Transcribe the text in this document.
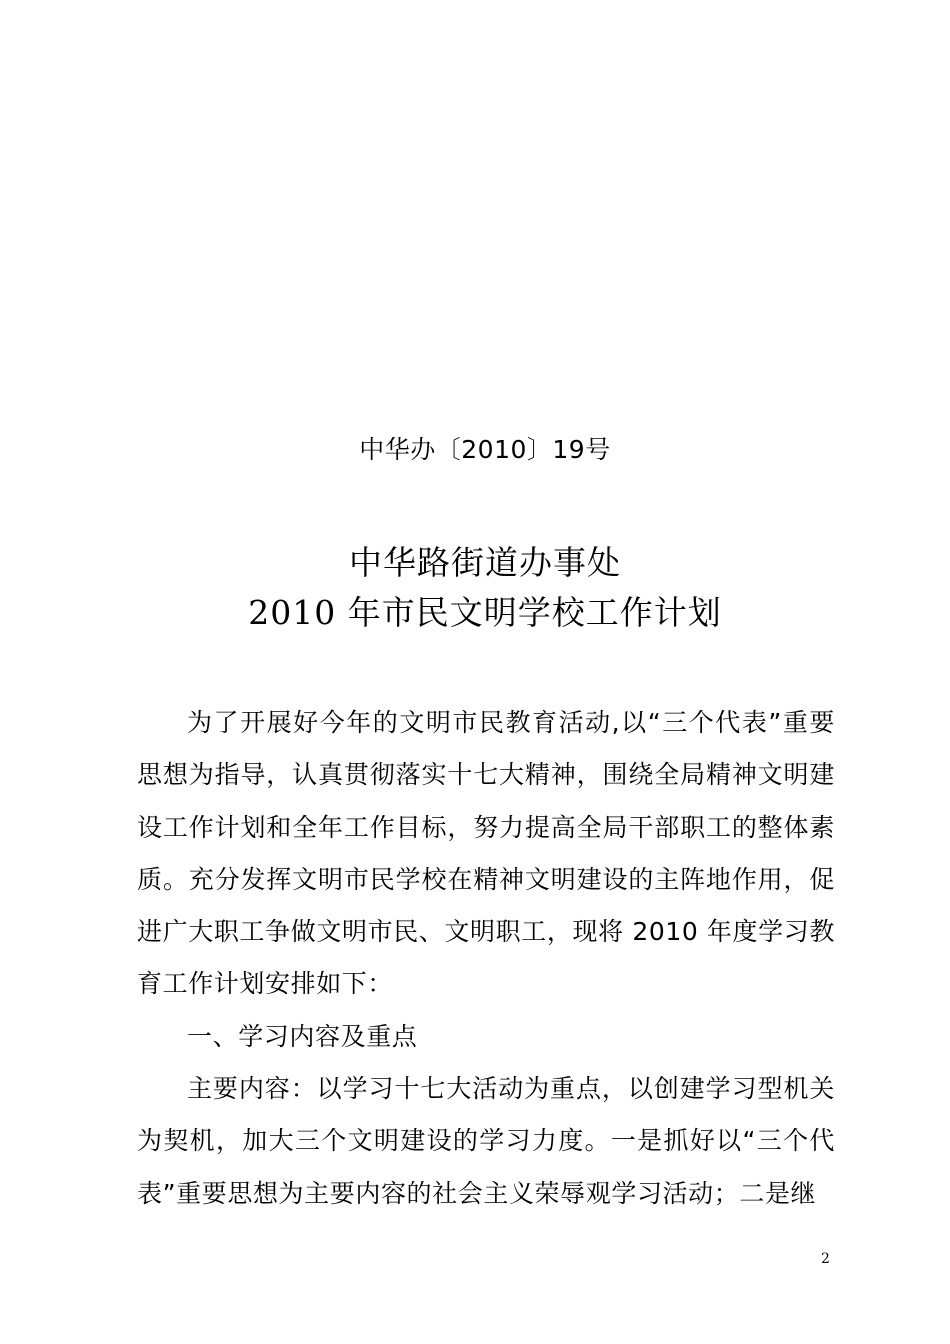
中华办〔2010〕19号
中华路街道办事处
2010 年市民文明学校工作计划

为了开展好今年的文明市民教育活动,以“三个代表”重要思想为指导，认真贯彻落实十七大精神，围绕全局精神文明建设工作计划和全年工作目标，努力提高全局干部职工的整体素质。充分发挥文明市民学校在精神文明建设的主阵地作用，促进广大职工争做文明市民、文明职工，现将 2010 年度学习教育工作计划安排如下：

一、学习内容及重点

主要内容：以学习十七大活动为重点，以创建学习型机关为契机，加大三个文明建设的学习力度。一是抓好以“三个代表”重要思想为主要内容的社会主义荣辱观学习活动；二是继

2
